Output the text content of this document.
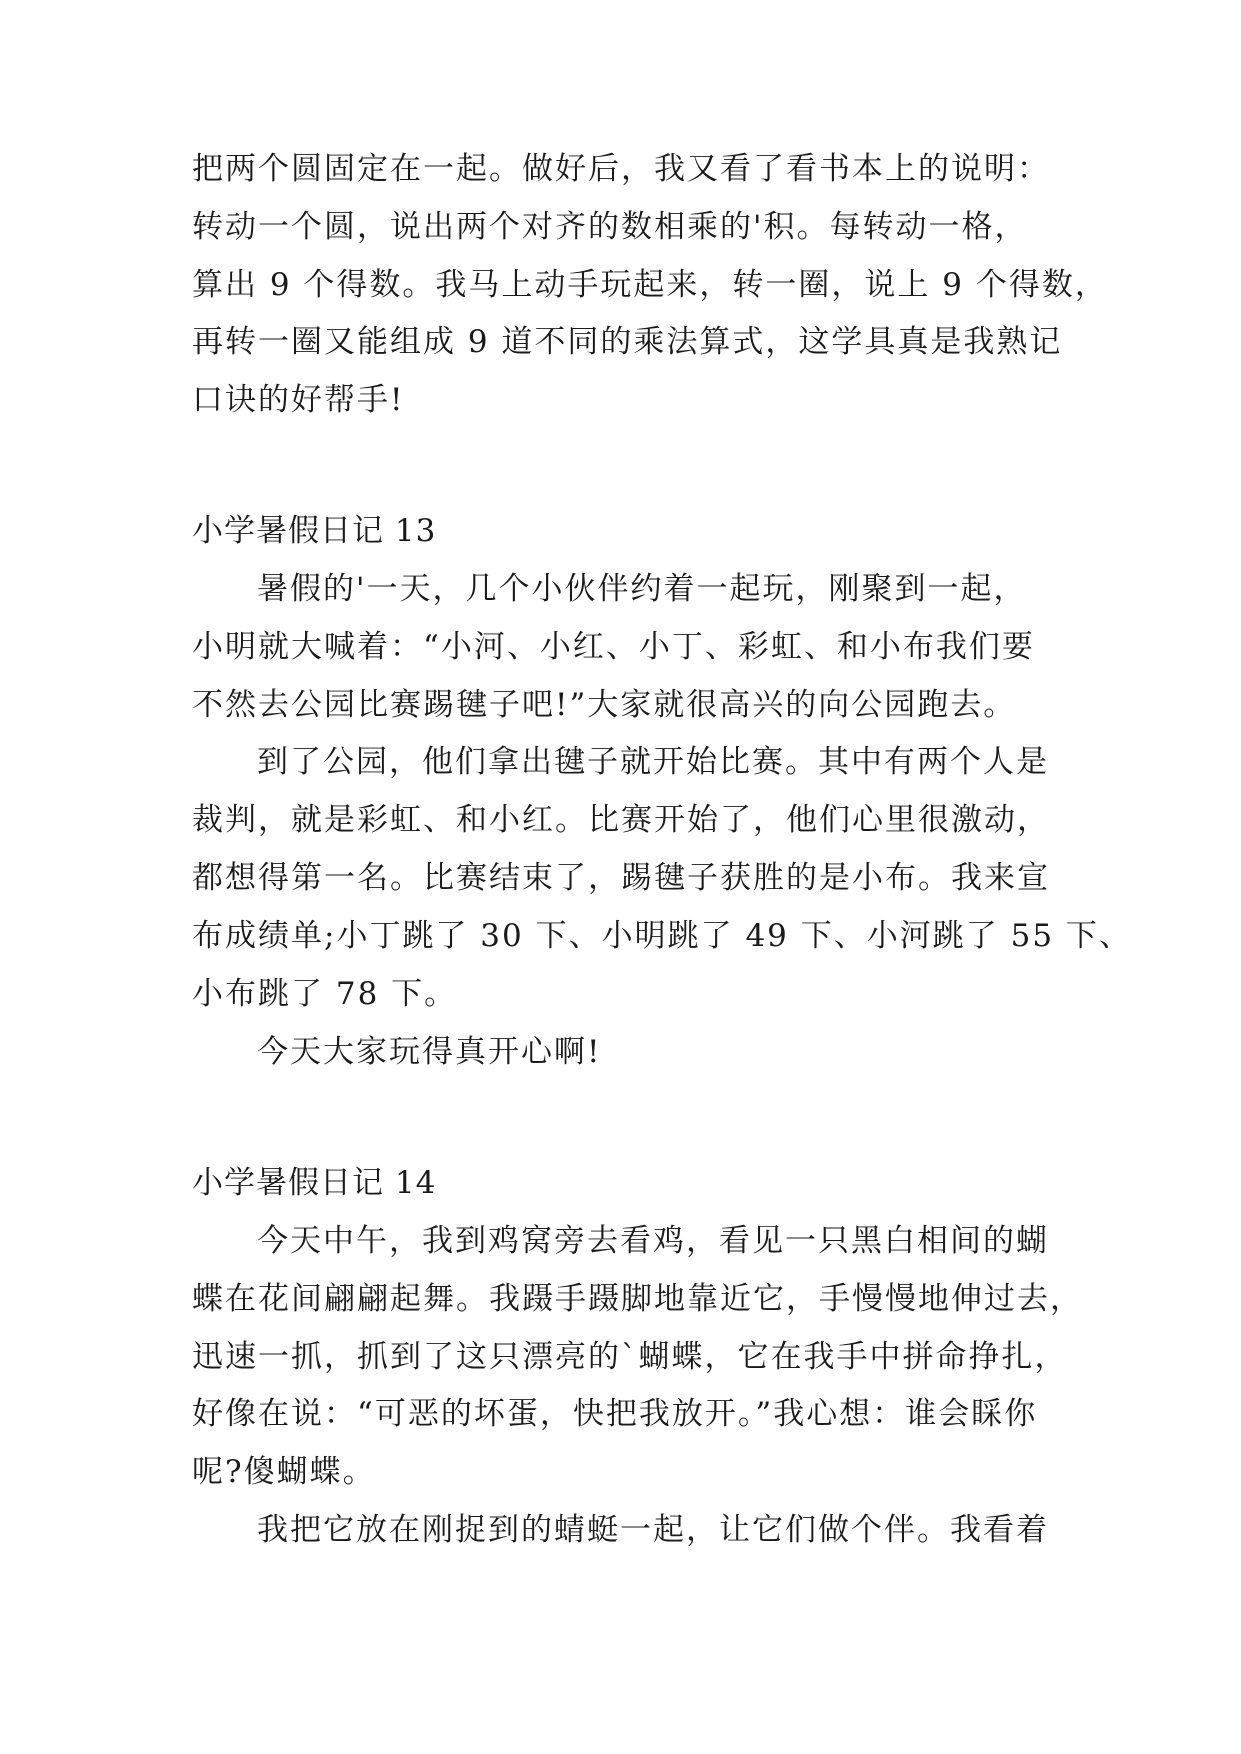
把两个圆固定在一起。做好后，我又看了看书本上的说明：
转动一个圆，说出两个对齐的数相乘的'积。每转动一格，
算出 9 个得数。我马上动手玩起来，转一圈，说上 9 个得数，
再转一圈又能组成 9 道不同的乘法算式，这学具真是我熟记
口诀的好帮手!
小学暑假日记 13
暑假的'一天，几个小伙伴约着一起玩，刚聚到一起，
小明就大喊着：“小河、小红、小丁、彩虹、和小布我们要
不然去公园比赛踢毽子吧!”大家就很高兴的向公园跑去。
到了公园，他们拿出毽子就开始比赛。其中有两个人是
裁判，就是彩虹、和小红。比赛开始了，他们心里很激动，
都想得第一名。比赛结束了，踢毽子获胜的是小布。我来宣
布成绩单;小丁跳了 30 下、小明跳了 49 下、小河跳了 55 下、
小布跳了 78 下。
今天大家玩得真开心啊!
小学暑假日记 14
今天中午，我到鸡窝旁去看鸡，看见一只黑白相间的蝴
蝶在花间翩翩起舞。我蹑手蹑脚地靠近它，手慢慢地伸过去，
迅速一抓，抓到了这只漂亮的`蝴蝶，它在我手中拼命挣扎，
好像在说：“可恶的坏蛋，快把我放开。”我心想：谁会睬你
呢?傻蝴蝶。
我把它放在刚捉到的蜻蜓一起，让它们做个伴。我看着
